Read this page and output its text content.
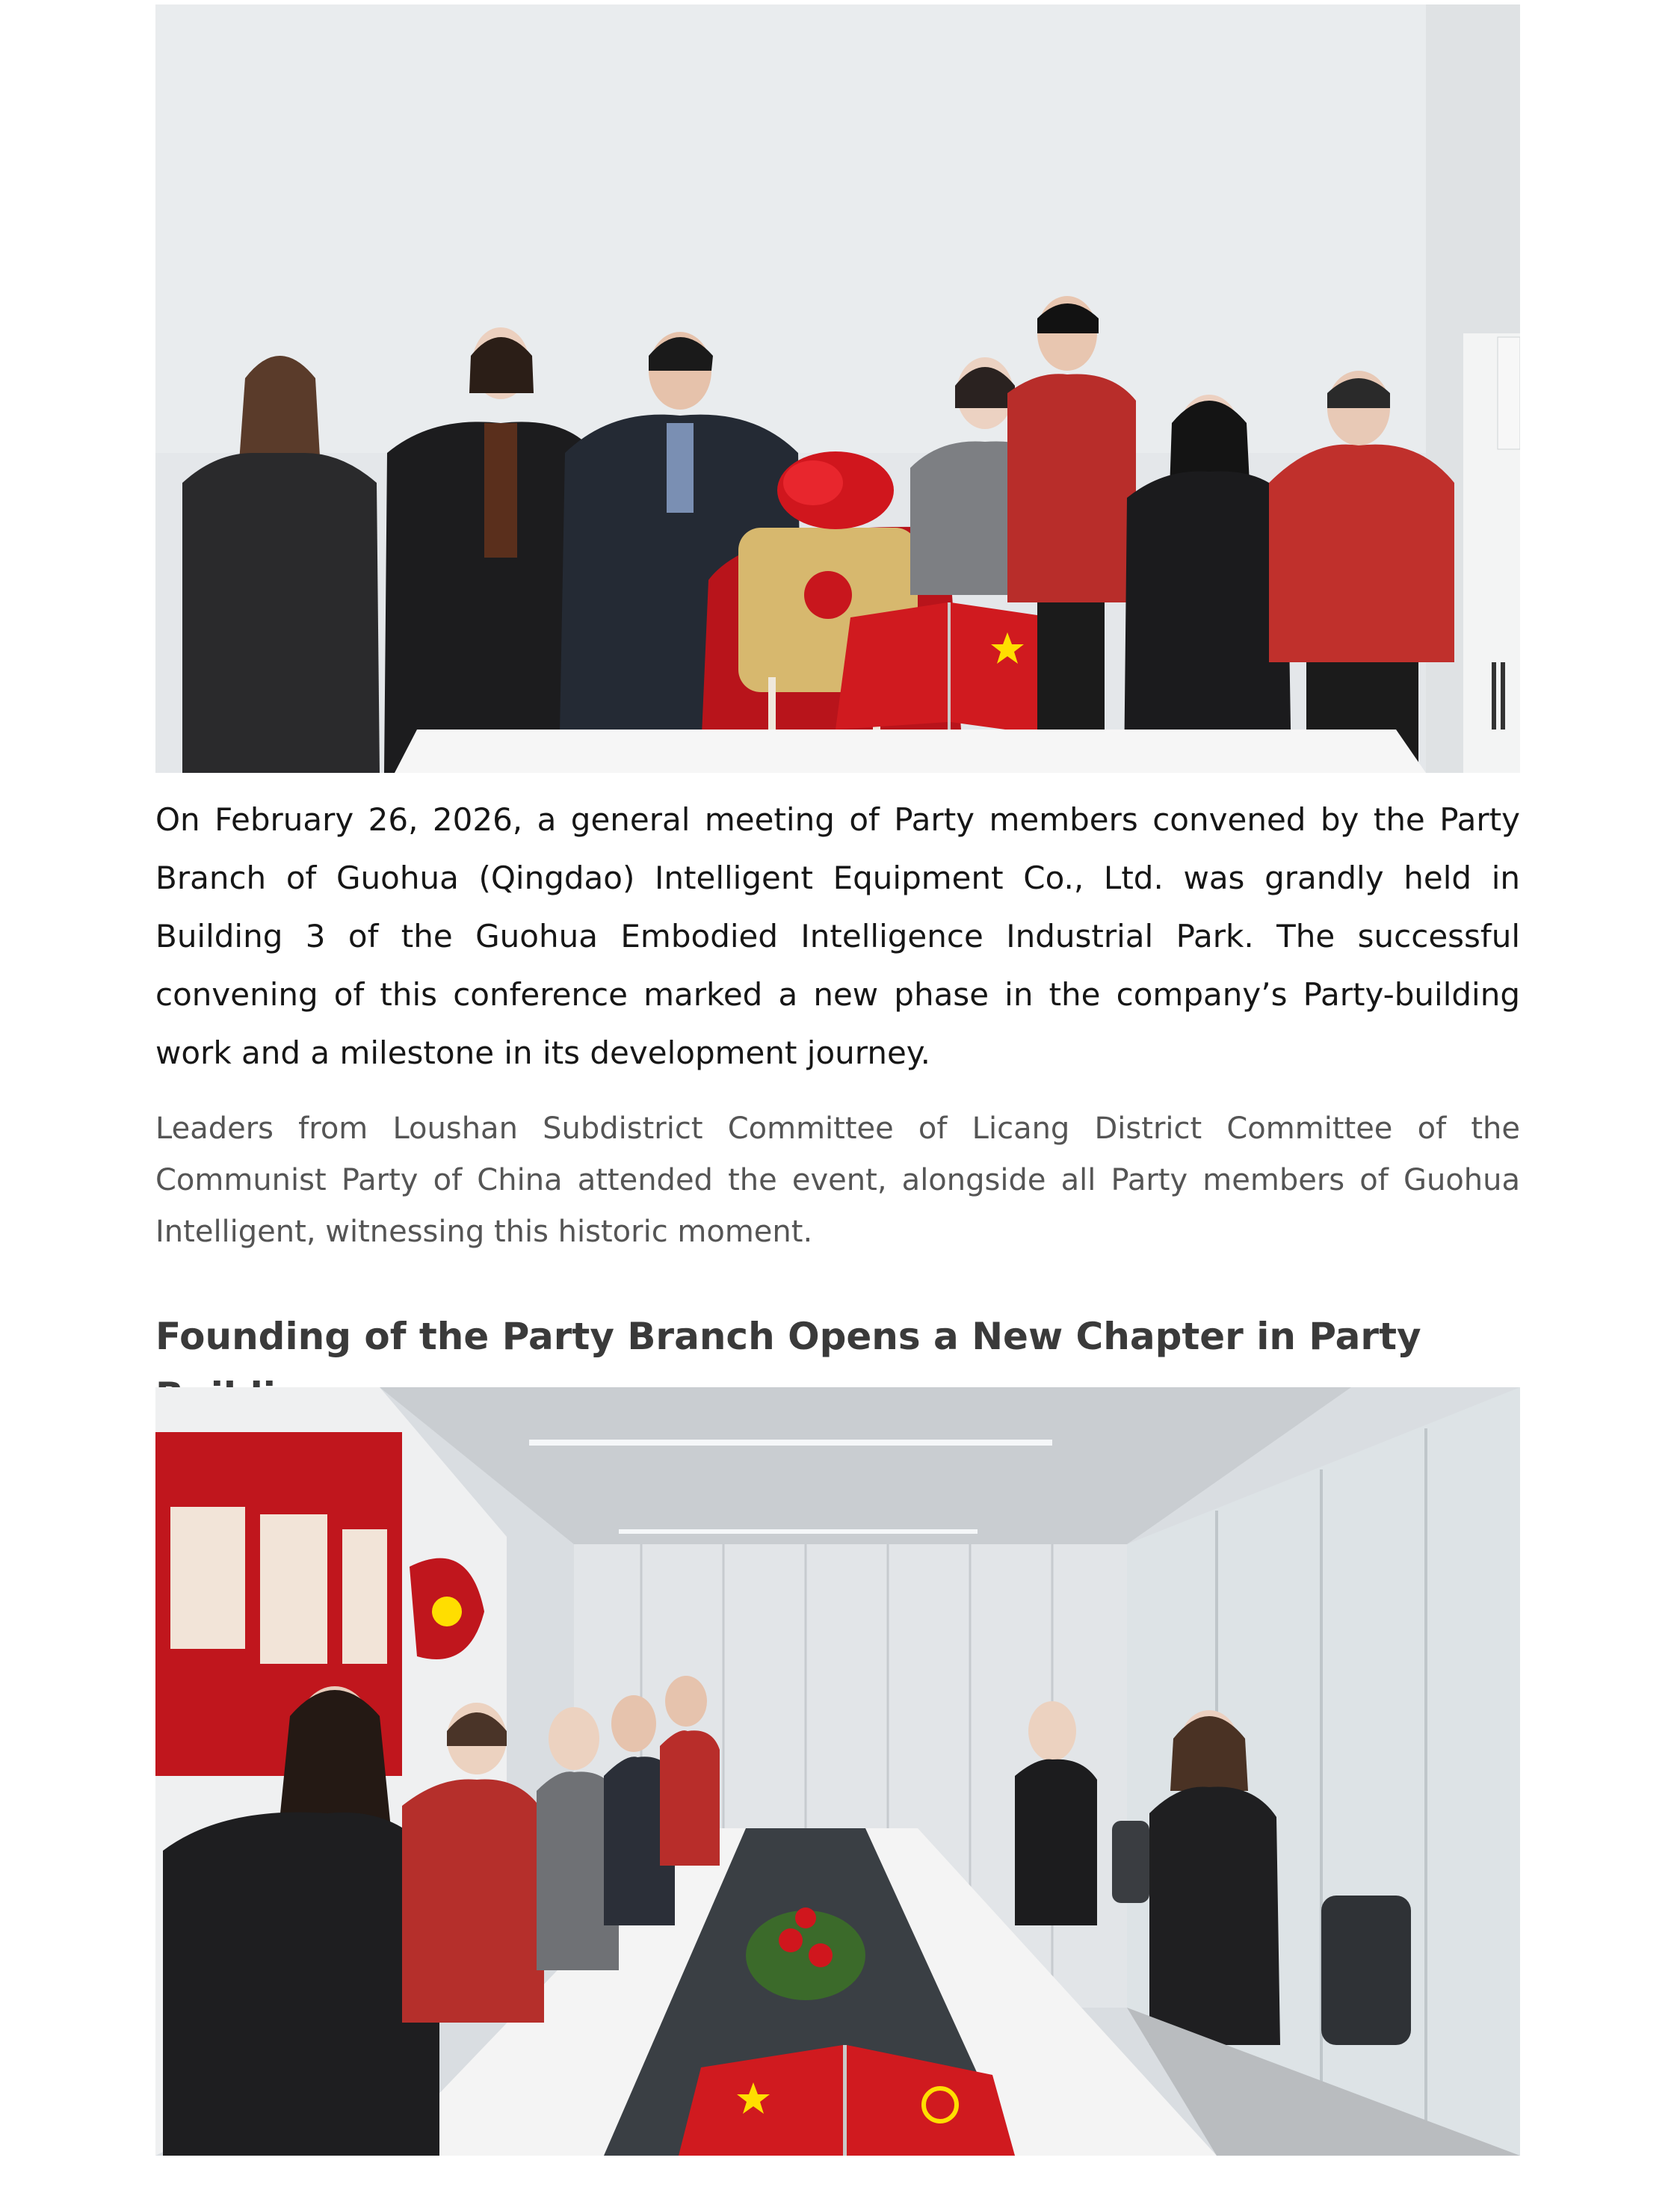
On February 26, 2026, a general meeting of Party members convened by the Party Branch of Guohua (Qingdao) Intelligent Equipment Co., Ltd. was grandly held in Building 3 of the Guohua Embodied Intelligence Industrial Park. The successful convening of this conference marked a new phase in the company’s Party-building work and a milestone in its development journey.

Leaders from Loushan Subdistrict Committee of Licang District Committee of the Communist Party of China attended the event, alongside all Party members of Guohua Intelligent, witnessing this historic moment.

Founding of the Party Branch Opens a New Chapter in Party
